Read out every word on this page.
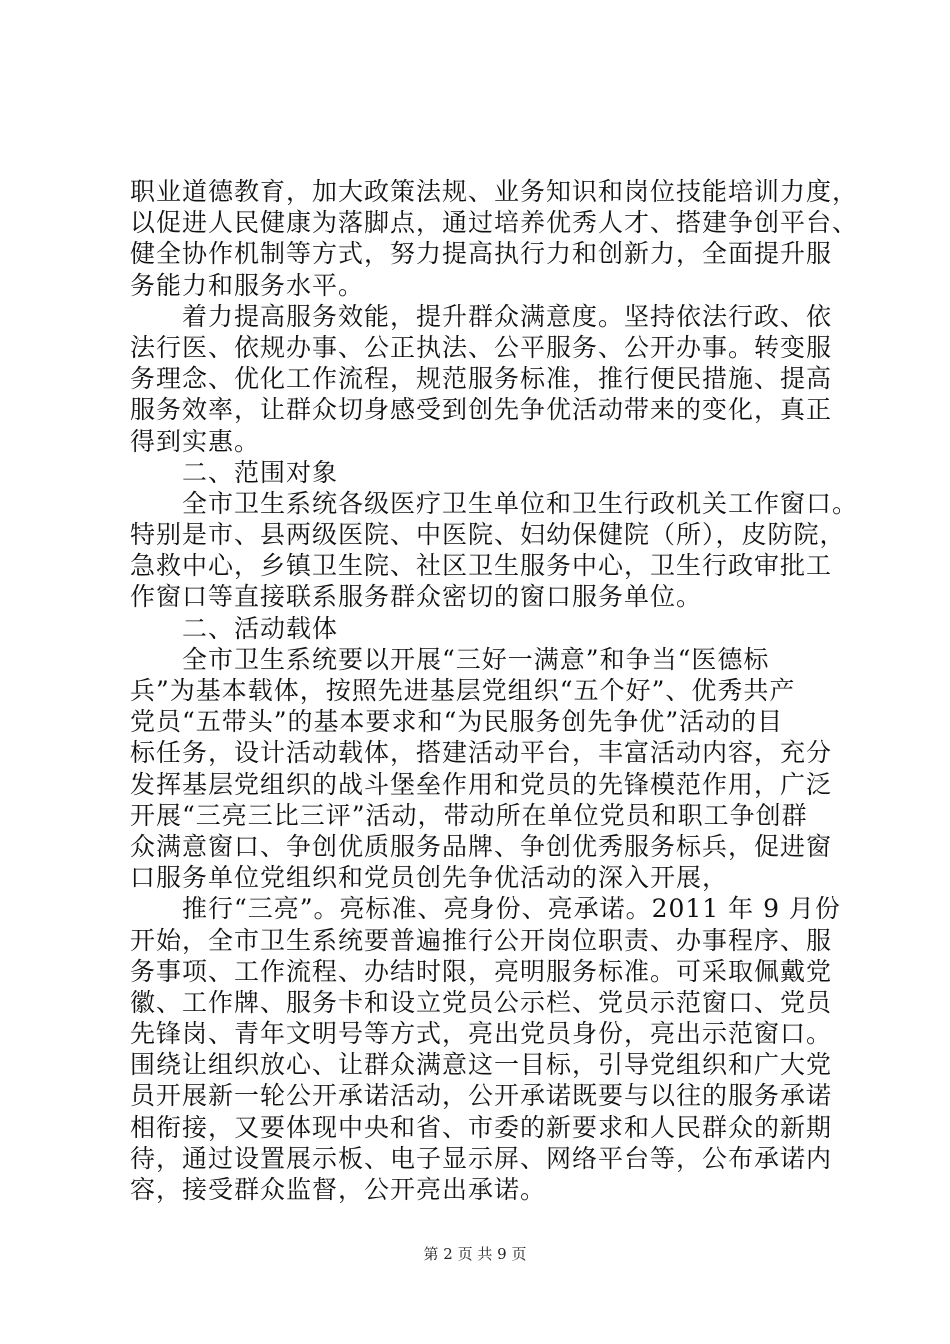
职业道德教育，加大政策法规、业务知识和岗位技能培训力度，
以促进人民健康为落脚点，通过培养优秀人才、搭建争创平台、
健全协作机制等方式，努力提高执行力和创新力，全面提升服
务能力和服务水平。
着力提高服务效能，提升群众满意度。坚持依法行政、依
法行医、依规办事、公正执法、公平服务、公开办事。转变服
务理念、优化工作流程，规范服务标准，推行便民措施、提高
服务效率，让群众切身感受到创先争优活动带来的变化，真正
得到实惠。
二、范围对象
全市卫生系统各级医疗卫生单位和卫生行政机关工作窗口。
特别是市、县两级医院、中医院、妇幼保健院（所），皮防院，
急救中心，乡镇卫生院、社区卫生服务中心，卫生行政审批工
作窗口等直接联系服务群众密切的窗口服务单位。
二、活动载体
全市卫生系统要以开展“三好一满意”和争当“医德标
兵”为基本载体，按照先进基层党组织“五个好”、优秀共产
党员“五带头”的基本要求和“为民服务创先争优”活动的目
标任务，设计活动载体，搭建活动平台，丰富活动内容，充分
发挥基层党组织的战斗堡垒作用和党员的先锋模范作用，广泛
开展“三亮三比三评”活动，带动所在单位党员和职工争创群
众满意窗口、争创优质服务品牌、争创优秀服务标兵，促进窗
口服务单位党组织和党员创先争优活动的深入开展，
推行“三亮”。亮标准、亮身份、亮承诺。2011 年 9 月份
开始，全市卫生系统要普遍推行公开岗位职责、办事程序、服
务事项、工作流程、办结时限，亮明服务标准。可采取佩戴党
徽、工作牌、服务卡和设立党员公示栏、党员示范窗口、党员
先锋岗、青年文明号等方式，亮出党员身份，亮出示范窗口。
围绕让组织放心、让群众满意这一目标，引导党组织和广大党
员开展新一轮公开承诺活动，公开承诺既要与以往的服务承诺
相衔接，又要体现中央和省、市委的新要求和人民群众的新期
待，通过设置展示板、电子显示屏、网络平台等，公布承诺内
容，接受群众监督，公开亮出承诺。
第 2 页 共 9 页
